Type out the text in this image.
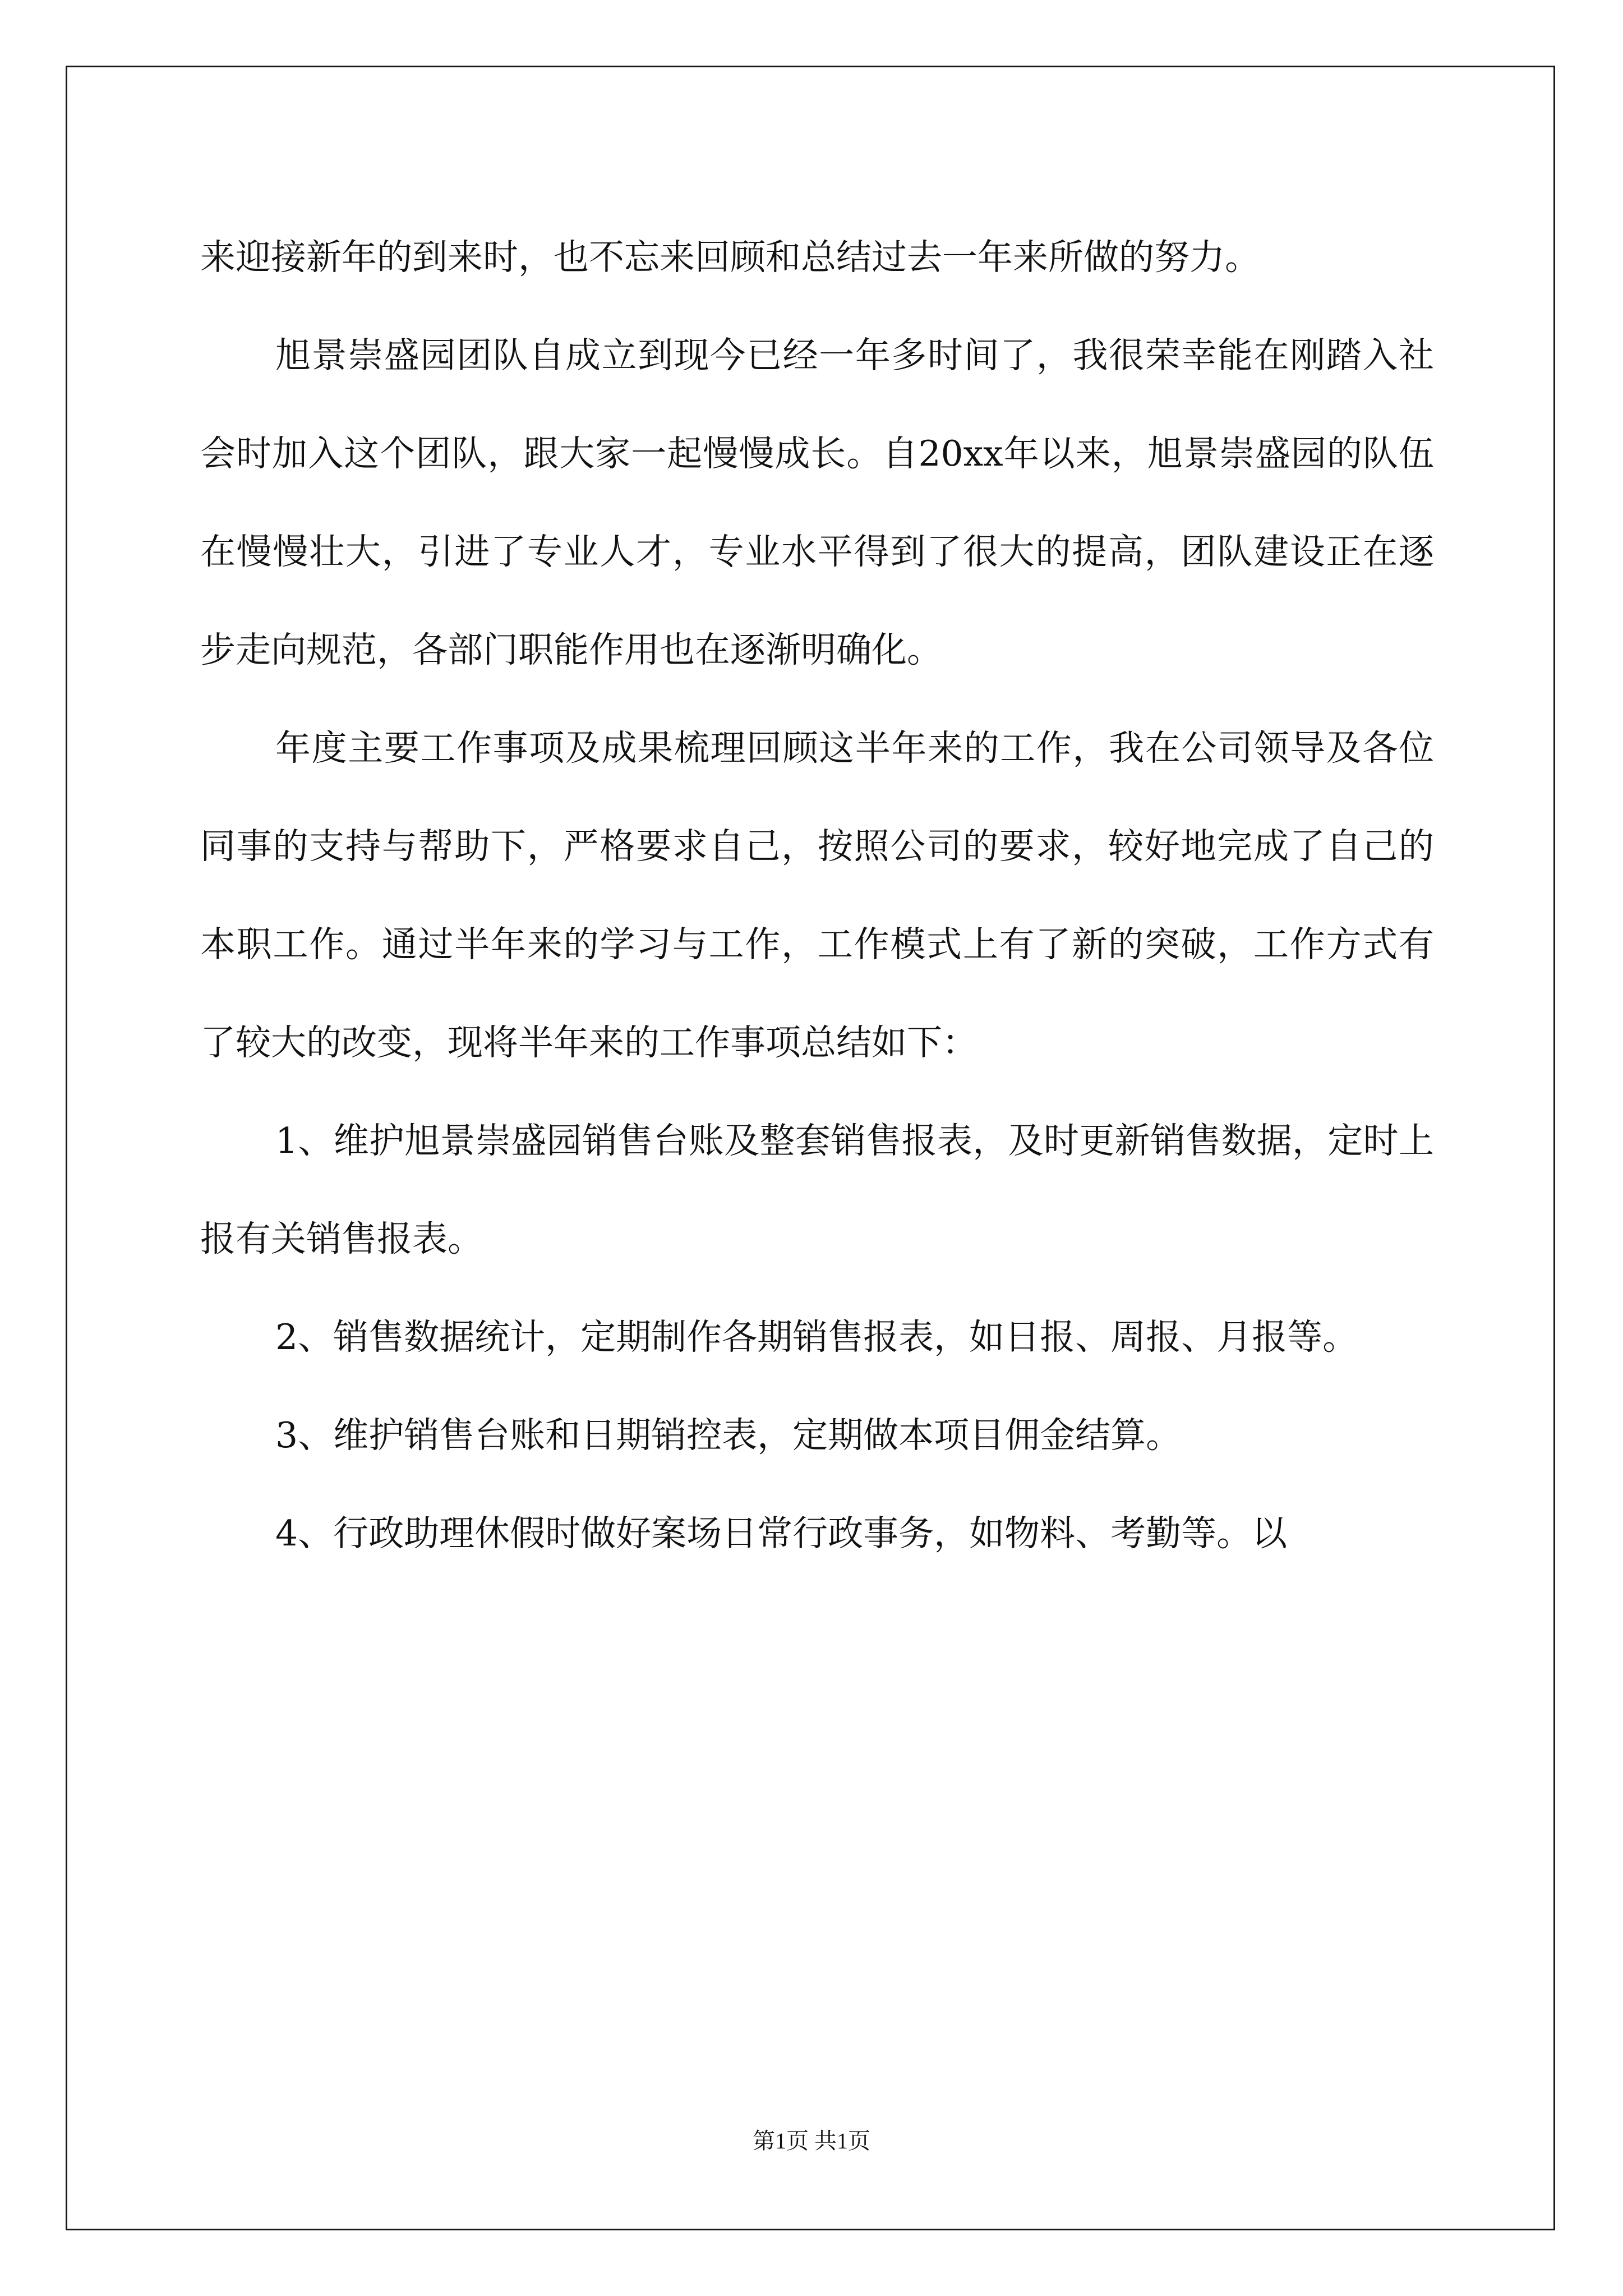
来迎接新年的到来时，也不忘来回顾和总结过去一年来所做的努力。

旭景崇盛园团队自成立到现今已经一年多时间了，我很荣幸能在刚踏入社会时加入这个团队，跟大家一起慢慢成长。自20xx年以来，旭景崇盛园的队伍在慢慢壮大，引进了专业人才，专业水平得到了很大的提高，团队建设正在逐步走向规范，各部门职能作用也在逐渐明确化。

年度主要工作事项及成果梳理回顾这半年来的工作，我在公司领导及各位同事的支持与帮助下，严格要求自己，按照公司的要求，较好地完成了自己的本职工作。通过半年来的学习与工作，工作模式上有了新的突破，工作方式有了较大的改变，现将半年来的工作事项总结如下：

1、维护旭景崇盛园销售台账及整套销售报表，及时更新销售数据，定时上报有关销售报表。

2、销售数据统计，定期制作各期销售报表，如日报、周报、月报等。

3、维护销售台账和日期销控表，定期做本项目佣金结算。

4、行政助理休假时做好案场日常行政事务，如物料、考勤等。以

第1页 共1页
